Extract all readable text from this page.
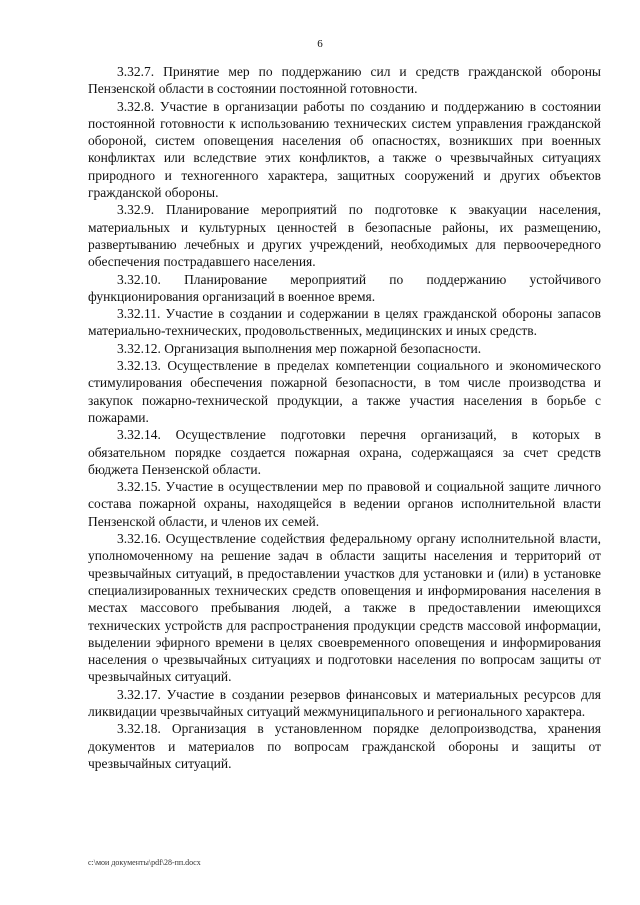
6

3.32.7. Принятие мер по поддержанию сил и средств гражданской обороны Пензенской области в состоянии постоянной готовности.

3.32.8. Участие в организации работы по созданию и поддержанию в состоянии постоянной готовности к использованию технических систем управления гражданской обороной, систем оповещения населения об опасностях, возникших при военных конфликтах или вследствие этих конфликтов, а также о чрезвычайных ситуациях природного и техногенного характера, защитных сооружений и других объектов гражданской обороны.

3.32.9. Планирование мероприятий по подготовке к эвакуации населения, материальных и культурных ценностей в безопасные районы, их размещению, развертыванию лечебных и других учреждений, необходимых для первоочередного обеспечения пострадавшего населения.

3.32.10. Планирование мероприятий по поддержанию устойчивого функционирования организаций в военное время.

3.32.11. Участие в создании и содержании в целях гражданской обороны запасов материально-технических, продовольственных, медицинских и иных средств.

3.32.12. Организация выполнения мер пожарной безопасности.

3.32.13. Осуществление в пределах компетенции социального и экономического стимулирования обеспечения пожарной безопасности, в том числе производства и закупок пожарно-технической продукции, а также участия населения в борьбе с пожарами.

3.32.14. Осуществление подготовки перечня организаций, в которых в обязательном порядке создается пожарная охрана, содержащаяся за счет средств бюджета Пензенской области.

3.32.15. Участие в осуществлении мер по правовой и социальной защите личного состава пожарной охраны, находящейся в ведении органов исполнительной власти Пензенской области, и членов их семей.

3.32.16. Осуществление содействия федеральному органу исполнительной власти, уполномоченному на решение задач в области защиты населения и территорий от чрезвычайных ситуаций, в предоставлении участков для установки и (или) в установке специализированных технических средств оповещения и информирования населения в местах массового пребывания людей, а также в предоставлении имеющихся технических устройств для распространения продукции средств массовой информации, выделении эфирного времени в целях своевременного оповещения и информирования населения о чрезвычайных ситуациях и подготовки населения по вопросам защиты от чрезвычайных ситуаций.

3.32.17. Участие в создании резервов финансовых и материальных ресурсов для ликвидации чрезвычайных ситуаций межмуниципального и регионального характера.

3.32.18. Организация в установленном порядке делопроизводства, хранения документов и материалов по вопросам гражданской обороны и защиты от чрезвычайных ситуаций.

c:\мои документы\pdf\28-пп.docx
